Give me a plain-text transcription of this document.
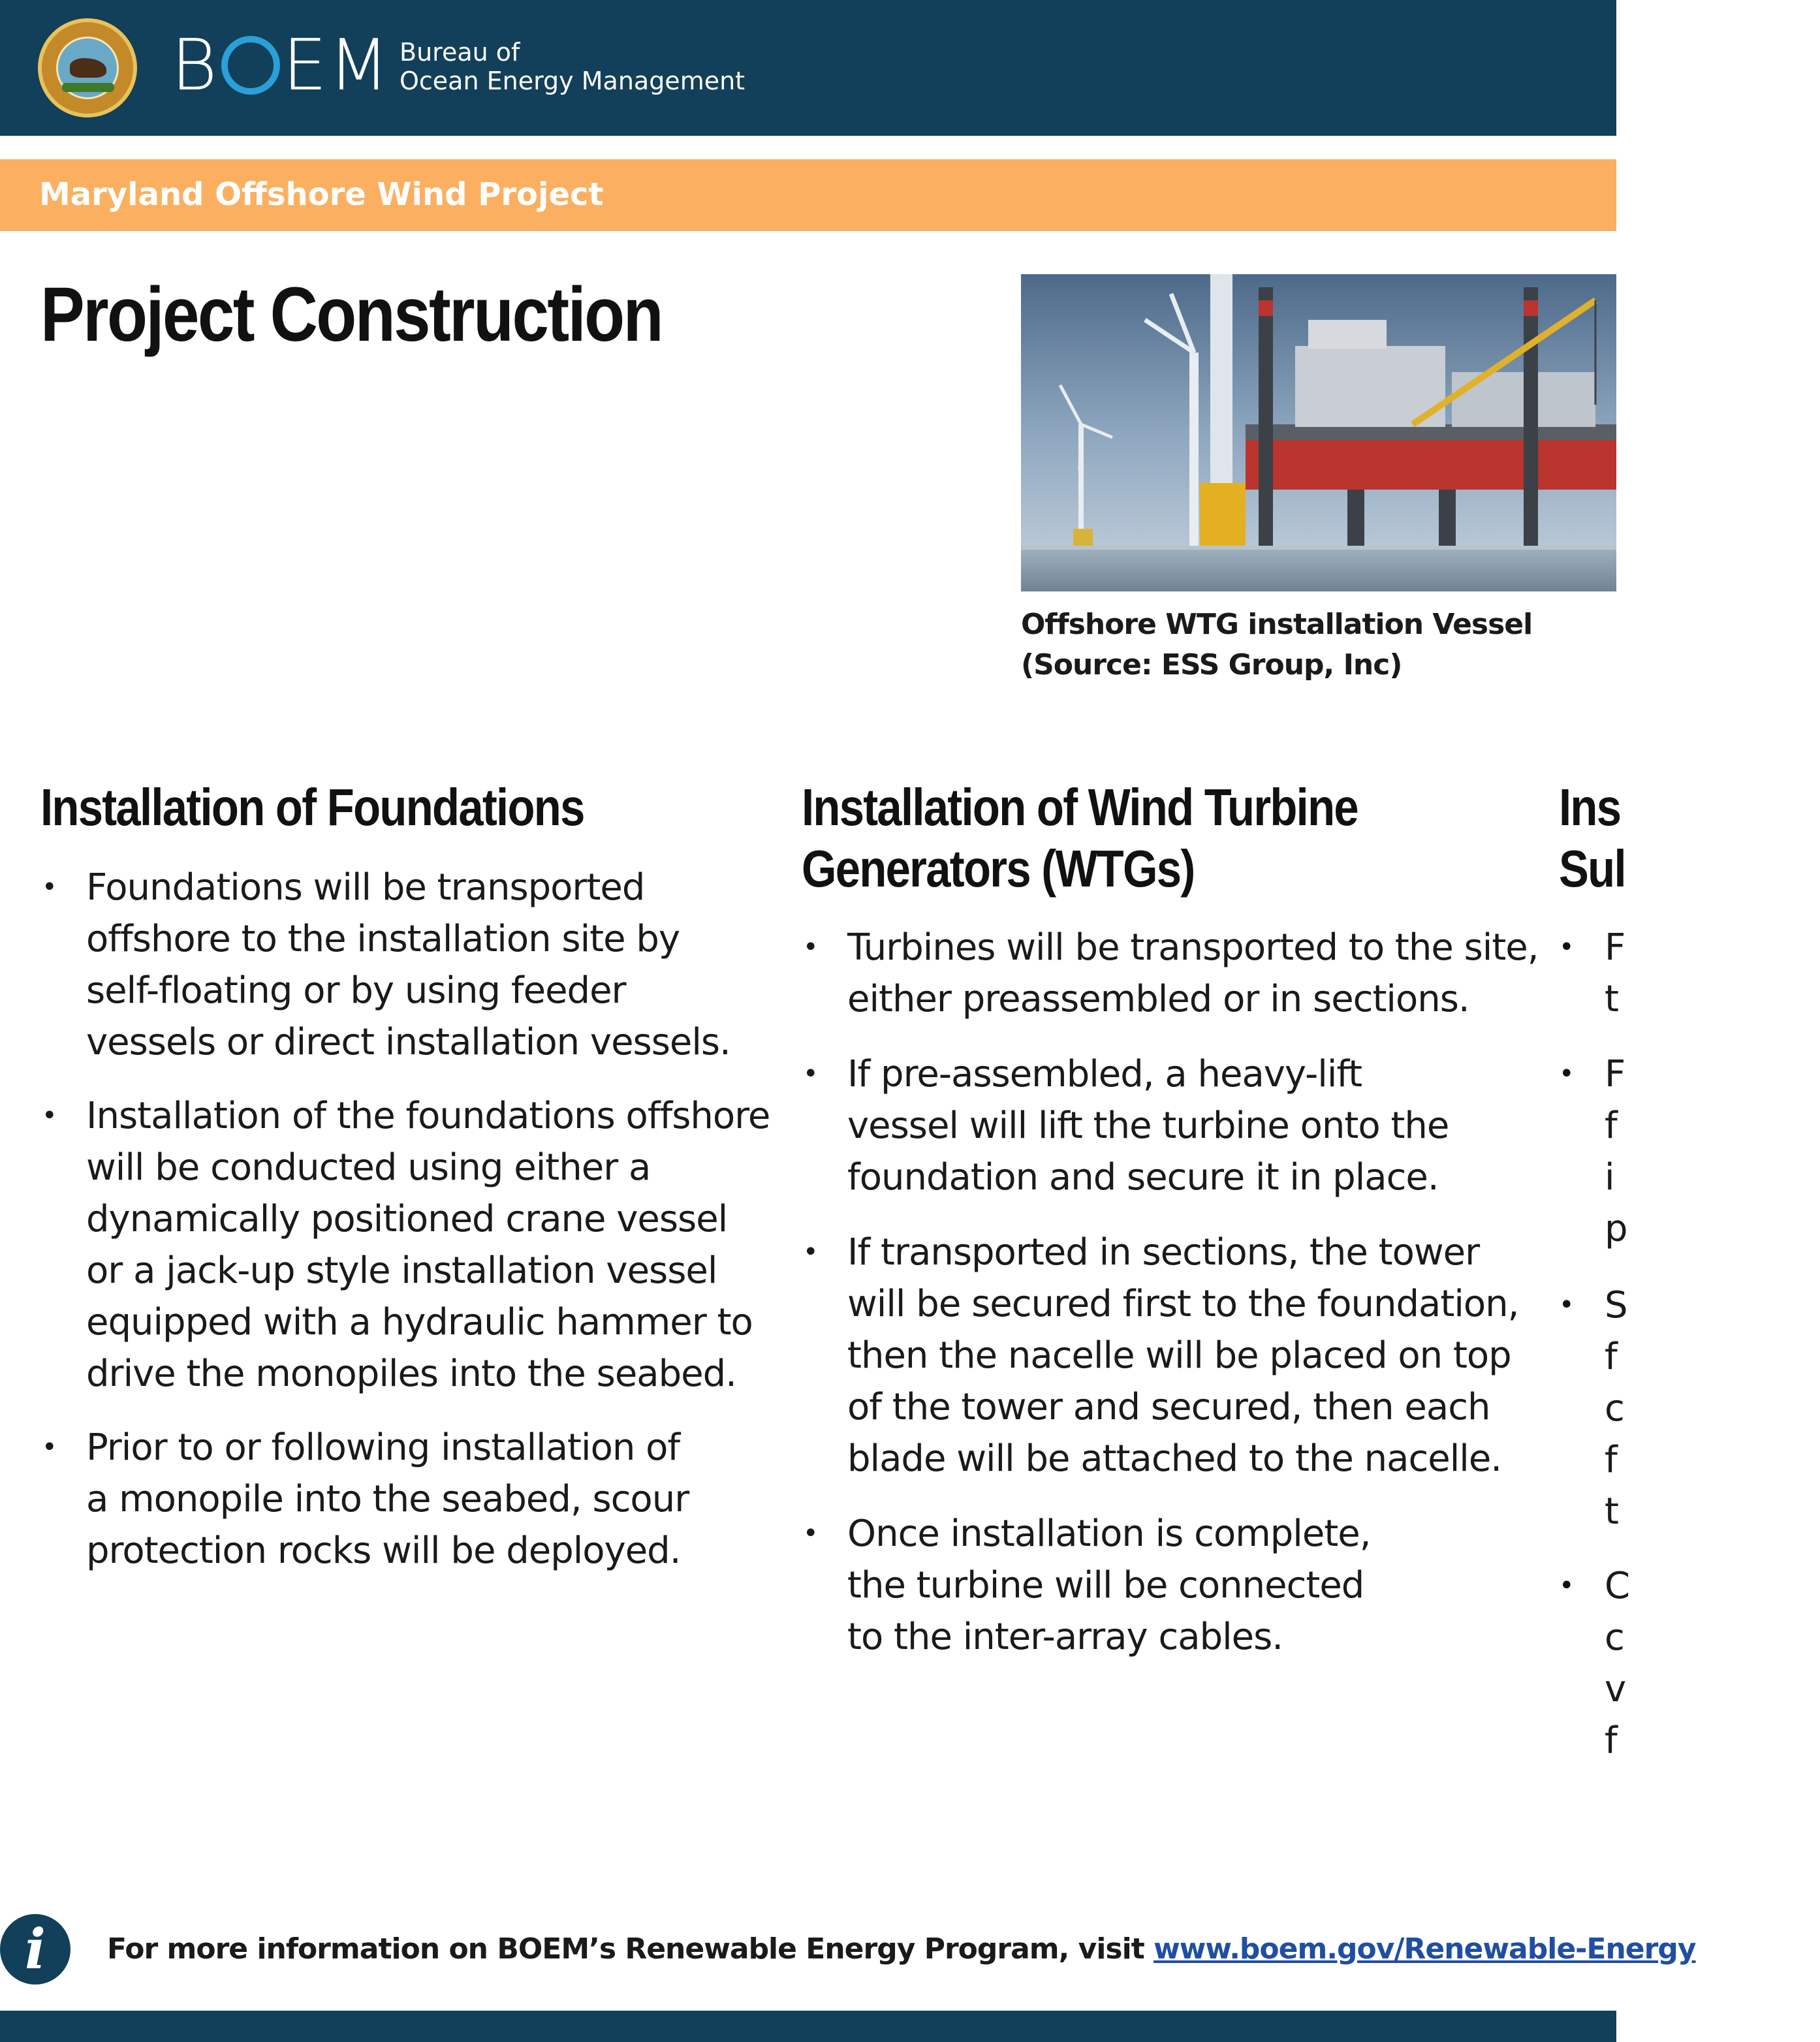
B EM Bureau of
Ocean Energy Management
Maryland Offshore Wind Project
Project Construction
Offshore WTG installation Vessel
(Source: ESS Group, Inc)
Installation of Foundations
• Foundations will be transported
offshore to the installation site by
self-floating or by using feeder
vessels or direct installation vessels.
• Installation of the foundations offshore
will be conducted using either a
dynamically positioned crane vessel
or a jack-up style installation vessel
equipped with a hydraulic hammer to
drive the monopiles into the seabed.
• Prior to or following installation of
a monopile into the seabed, scour
protection rocks will be deployed.
Installation of Wind Turbine
Generators (WTGs)
• Turbines will be transported to the site,
either preassembled or in sections.
• If pre-assembled, a heavy-lift
vessel will lift the turbine onto the
foundation and secure it in place.
• If transported in sections, the tower
will be secured first to the foundation,
then the nacelle will be placed on top
of the tower and secured, then each
blade will be attached to the nacelle.
• Once installation is complete,
the turbine will be connected
to the inter-array cables.
Ins
Sul
• F
t
• F
f
i
p
• S
f
c
f
t
• C
c
v
f
i	For more information on BOEM’s Renewable Energy Program, visit www.boem.gov/Renewable-Energy
